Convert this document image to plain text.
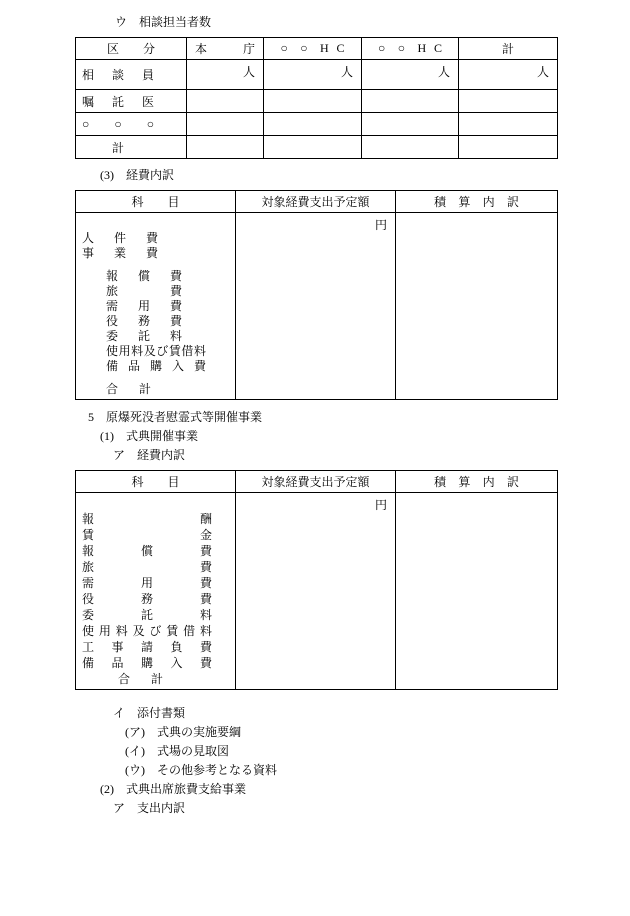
ウ　相談担当者数
区 分	本 庁	○ ○ H C	○ ○ H C	計

相 談 員	人	人	人	人

嘱 託 医				

○ ○ ○				

計				

(3)　経費内訳
科 目	対象経費支出予定額	積 算 内 訳

人 件 費
事 業 費
報 償 費
旅 費
需 用 費
役 務 費
委 託 料
使用料及び賃借料
備 品 購 入 費
合 計
	円	
5　原爆死没者慰霊式等開催事業
(1)　式典開催事業
ア　経費内訳
科 目	対象経費支出予定額	積 算 内 訳

報 酬
賃 金
報 償 費
旅 費
需 用 費
役 務 費
委 託 料
使用料及び賃借料
工 事 請 負 費
備 品 購 入 費
合 計
	円	
イ　添付書類
(ア)　式典の実施要綱
(イ)　式場の見取図
(ウ)　その他参考となる資料
(2)　式典出席旅費支給事業
ア　支出内訳
